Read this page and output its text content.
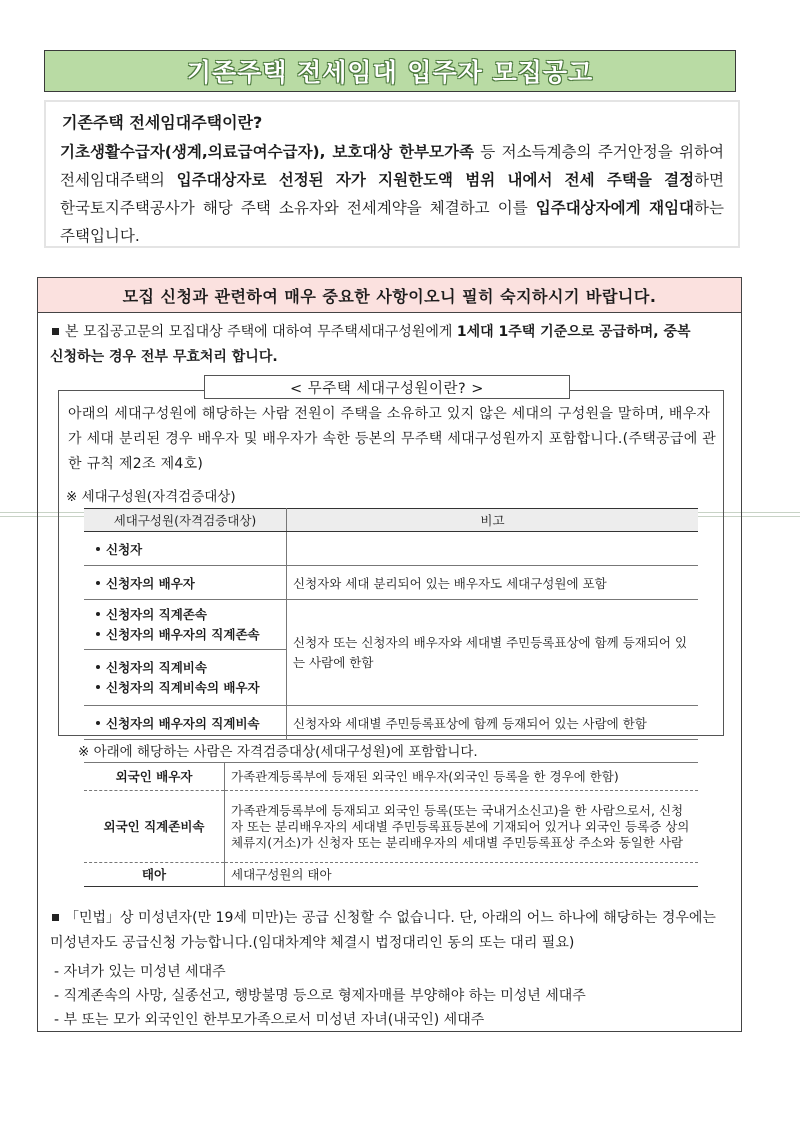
기존주택 전세임대 입주자 모집공고
기존주택 전세임대주택이란?
기초생활수급자(생계,의료급여수급자), 보호대상 한부모가족 등 저소득계층의 주거안정을 위하여 전세임대주택의 입주대상자로 선정된 자가 지원한도액 범위 내에서 전세 주택을 결정하면 한국토지주택공사가 해당 주택 소유자와 전세계약을 체결하고 이를 입주대상자에게 재임대하는 주택입니다.
모집 신청과 관련하여 매우 중요한 사항이오니 필히 숙지하시기 바랍니다.
본 모집공고문의 모집대상 주택에 대하여 무주택세대구성원에게 1세대 1주택 기준으로 공급하며, 중복 신청하는 경우 전부 무효처리 합니다.
< 무주택 세대구성원이란? >
아래의 세대구성원에 해당하는 사람 전원이 주택을 소유하고 있지 않은 세대의 구성원을 말하며, 배우자가 세대 분리된 경우 배우자 및 배우자가 속한 등본의 무주택 세대구성원까지 포함합니다.(주택공급에 관한 규칙 제2조 제4호)
※ 세대구성원(자격검증대상)
세대구성원(자격검증대상)	비고
신청자	
신청자의 배우자	신청자와 세대 분리되어 있는 배우자도 세대구성원에 포함

신청자의 직계존속
신청자의 배우자의 직계존속	신청자 또는 신청자의 배우자와 세대별 주민등록표상에 함께 등재되어 있는 사람에 한함

신청자의 직계비속
신청자의 직계비속의 배우자	

신청자의 배우자의 직계비속	신청자와 세대별 주민등록표상에 함께 등재되어 있는 사람에 한함
※ 아래에 해당하는 사람은 자격검증대상(세대구성원)에 포함합니다.
외국인 배우자	가족관계등록부에 등재된 외국인 배우자(외국인 등록을 한 경우에 한함)
외국인 직계존비속	가족관계등록부에 등재되고 외국인 등록(또는 국내거소신고)을 한 사람으로서, 신청자 또는 분리배우자의 세대별 주민등록표등본에 기재되어 있거나 외국인 등록증 상의 체류지(거소)가 신청자 또는 분리배우자의 세대별 주민등록표상 주소와 동일한 사람
태아	세대구성원의 태아
「민법」상 미성년자(만 19세 미만)는 공급 신청할 수 없습니다. 단, 아래의 어느 하나에 해당하는 경우에는 미성년자도 공급신청 가능합니다.(임대차계약 체결시 법정대리인 동의 또는 대리 필요)
- 자녀가 있는 미성년 세대주
- 직계존속의 사망, 실종선고, 행방불명 등으로 형제자매를 부양해야 하는 미성년 세대주
- 부 또는 모가 외국인인 한부모가족으로서 미성년 자녀(내국인) 세대주
